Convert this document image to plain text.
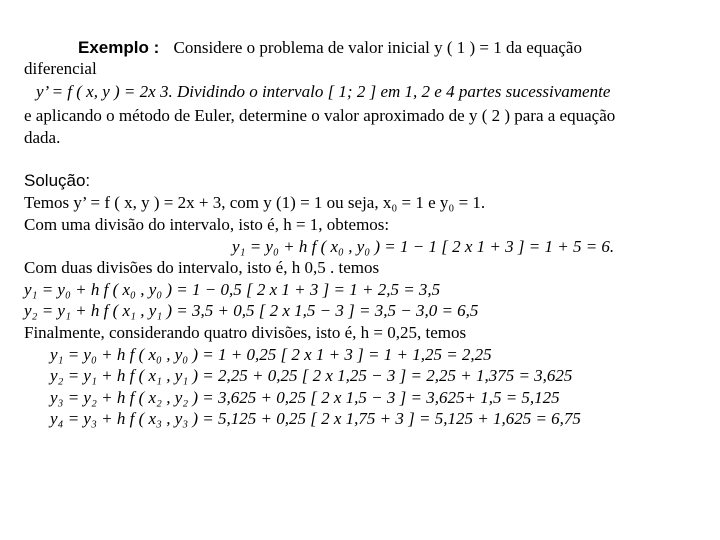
Exemplo : Considere o problema de valor inicial y ( 1 ) = 1 da equação
diferencial
y’ = f ( x, y ) = 2x 3. Dividindo o intervalo [ 1; 2 ] em 1, 2 e 4 partes sucessivamente
e aplicando o método de Euler, determine o valor aproximado de y ( 2 ) para a equação
dada.
Solução:
Temos y’ = f ( x, y ) = 2x + 3, com y (1) = 1 ou seja, x₀ = 1 e y₀ = 1.
Com uma divisão do intervalo, isto é, h = 1, obtemos:
y₁ = y₀ + h f ( x₀ , y₀ ) = 1 − 1 [ 2 x 1 + 3 ] = 1 + 5 = 6.
Com duas divisões do intervalo, isto é, h 0,5 . temos
y₁ = y₀ + h f ( x₀ , y₀ ) = 1 − 0,5 [ 2 x 1 + 3 ] = 1 + 2,5 = 3,5
y₂ = y₁ + h f ( x₁ , y₁ ) = 3,5 + 0,5 [ 2 x 1,5 − 3 ] = 3,5 − 3,0 = 6,5
Finalmente, considerando quatro divisões, isto é, h = 0,25, temos
y₁ = y₀ + h f ( x₀ , y₀ ) = 1 + 0,25 [ 2 x 1 + 3 ] = 1 + 1,25 = 2,25
y₂ = y₁ + h f ( x₁ , y₁ ) = 2,25 + 0,25 [ 2 x 1,25 − 3 ] = 2,25 + 1,375 = 3,625
y₃ = y₂ + h f ( x₂ , y₂ ) = 3,625 + 0,25 [ 2 x 1,5 − 3 ] = 3,625+ 1,5 = 5,125
y₄ = y₃ + h f ( x₃ , y₃ ) = 5,125 + 0,25 [ 2 x 1,75 + 3 ] = 5,125 + 1,625 = 6,75
